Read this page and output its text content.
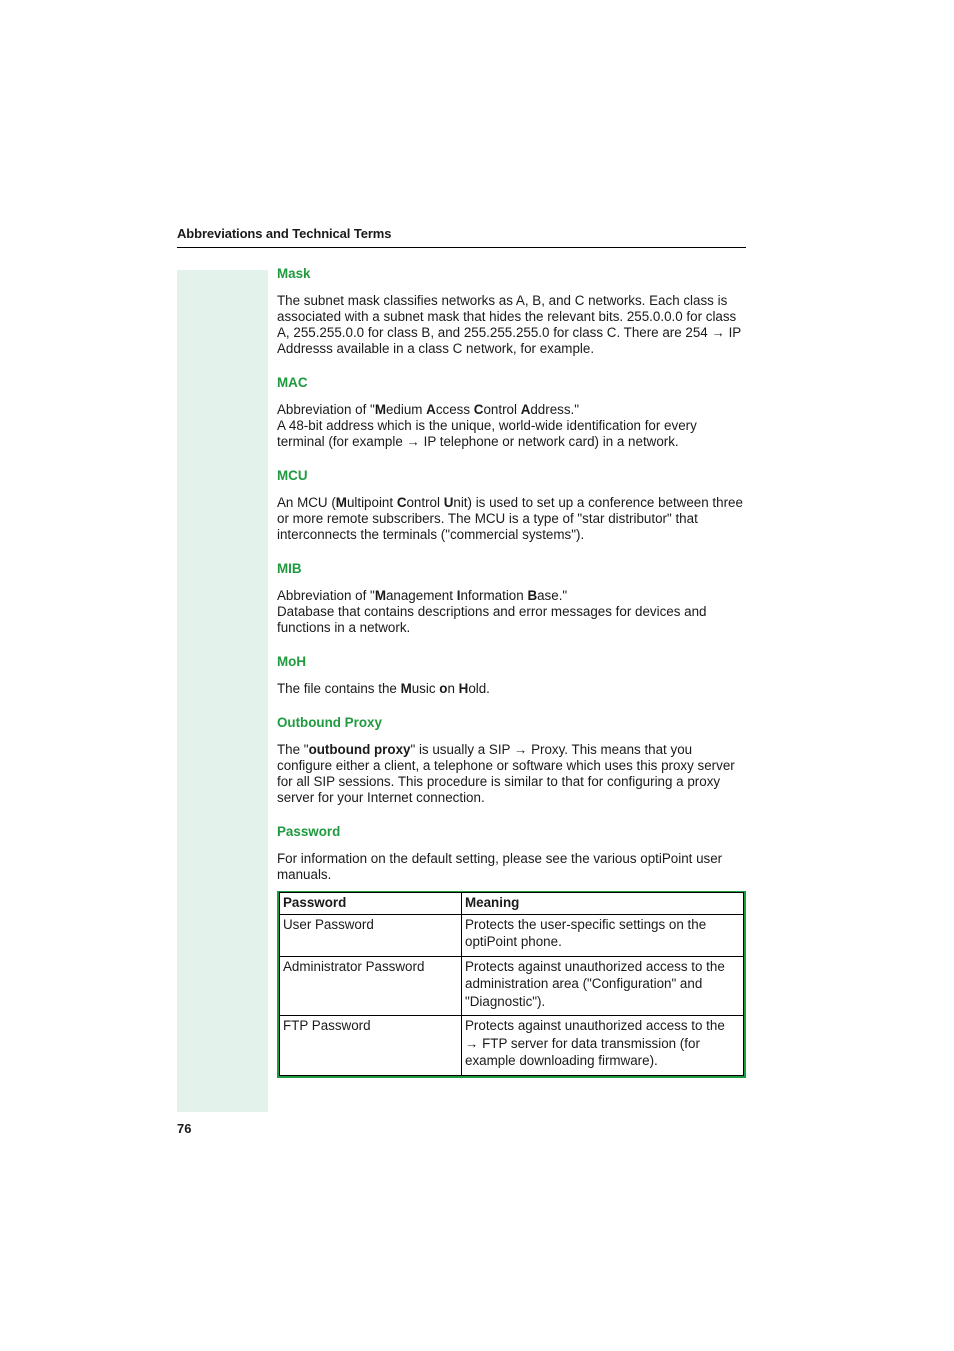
Abbreviations and Technical Terms
Mask

The subnet mask classifies networks as A, B, and C networks. Each class is associated with a subnet mask that hides the relevant bits. 255.0.0.0 for class A, 255.255.0.0 for class B, and 255.255.255.0 for class C. There are 254 → IP Addresss available in a class C network, for example.

MAC

Abbreviation of "Medium Access Control Address."

A 48-bit address which is the unique, world-wide identification for every terminal (for example → IP telephone or network card) in a network.

MCU

An MCU (Multipoint Control Unit) is used to set up a conference between three or more remote subscribers. The MCU is a type of "star distributor" that interconnects the terminals ("commercial systems").

MIB

Abbreviation of "Management Information Base."

Database that contains descriptions and error messages for devices and functions in a network.

MoH

The file contains the Music on Hold.

Outbound Proxy

The "outbound proxy" is usually a SIP → Proxy. This means that you configure either a client, a telephone or software which uses this proxy server for all SIP sessions. This procedure is similar to that for configuring a proxy server for your Internet connection.

Password

For information on the default setting, please see the various optiPoint user manuals.

Password	Meaning
User Password	Protects the user-specific settings on the optiPoint phone.
Administrator Password	Protects against unauthorized access to the administration area ("Configuration" and "Diagnostic").
FTP Password	Protects against unauthorized access to the → FTP server for data transmission (for example downloading firmware).
76
